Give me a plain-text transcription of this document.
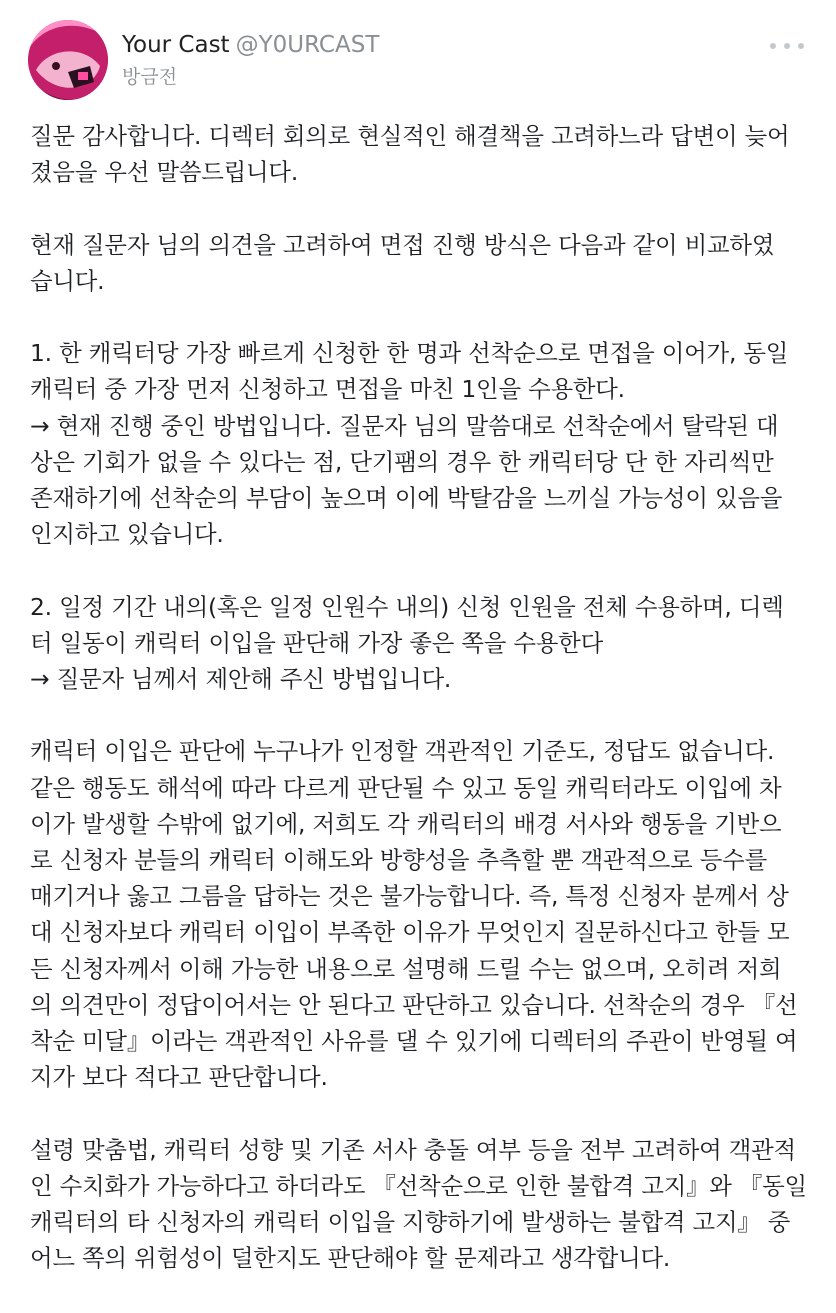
Your Cast @Y0URCAST
방금전
질문 감사합니다. 디렉터 회의로 현실적인 해결책을 고려하느라 답변이 늦어
졌음을 우선 말씀드립니다.
현재 질문자 님의 의견을 고려하여 면접 진행 방식은 다음과 같이 비교하였
습니다.
1. 한 캐릭터당 가장 빠르게 신청한 한 명과 선착순으로 면접을 이어가, 동일
캐릭터 중 가장 먼저 신청하고 면접을 마친 1인을 수용한다.
→ 현재 진행 중인 방법입니다. 질문자 님의 말씀대로 선착순에서 탈락된 대
상은 기회가 없을 수 있다는 점, 단기팸의 경우 한 캐릭터당 단 한 자리씩만
존재하기에 선착순의 부담이 높으며 이에 박탈감을 느끼실 가능성이 있음을
인지하고 있습니다.
2. 일정 기간 내의(혹은 일정 인원수 내의) 신청 인원을 전체 수용하며, 디렉
터 일동이 캐릭터 이입을 판단해 가장 좋은 쪽을 수용한다
→ 질문자 님께서 제안해 주신 방법입니다.
캐릭터 이입은 판단에 누구나가 인정할 객관적인 기준도, 정답도 없습니다.
같은 행동도 해석에 따라 다르게 판단될 수 있고 동일 캐릭터라도 이입에 차
이가 발생할 수밖에 없기에, 저희도 각 캐릭터의 배경 서사와 행동을 기반으
로 신청자 분들의 캐릭터 이해도와 방향성을 추측할 뿐 객관적으로 등수를
매기거나 옳고 그름을 답하는 것은 불가능합니다. 즉, 특정 신청자 분께서 상
대 신청자보다 캐릭터 이입이 부족한 이유가 무엇인지 질문하신다고 한들 모
든 신청자께서 이해 가능한 내용으로 설명해 드릴 수는 없으며, 오히려 저희
의 의견만이 정답이어서는 안 된다고 판단하고 있습니다. 선착순의 경우 『선
착순 미달』이라는 객관적인 사유를 댈 수 있기에 디렉터의 주관이 반영될 여
지가 보다 적다고 판단합니다.
설령 맞춤법, 캐릭터 성향 및 기존 서사 충돌 여부 등을 전부 고려하여 객관적
인 수치화가 가능하다고 하더라도 『선착순으로 인한 불합격 고지』와 『동일
캐릭터의 타 신청자의 캐릭터 이입을 지향하기에 발생하는 불합격 고지』 중
어느 쪽의 위험성이 덜한지도 판단해야 할 문제라고 생각합니다.
